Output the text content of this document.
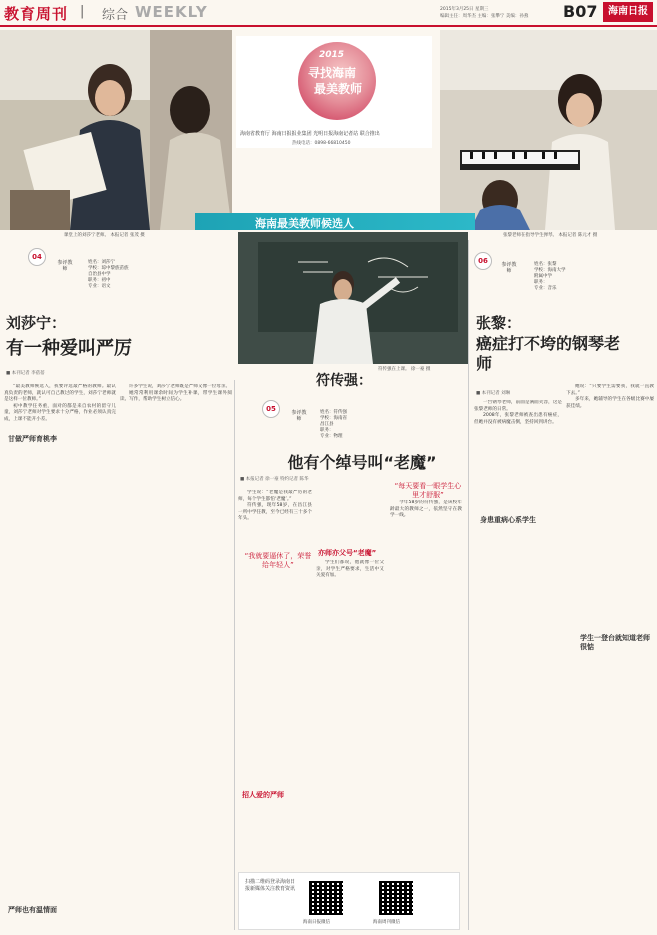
教育周刊 | 综合 WEEKLY	2015年3月25日 星期三
编辑主任：周华杰 主编：张攀宁 美编：孙燕 B07	海南日报
课堂上的刘莎宁老师。 本报记者 张茂 摄
2015
寻找海南
最美教师
海南省教育厅 海南日报报业集团 光明日报海南记者站 联合推出
热线电话：0898-66810450
张黎老师在指导学生弹琴。 本报记者 陈元才 摄
海南最美教师候选人
符传强在上课。 徐一豪 摄
04
参评教师
姓名：刘莎宁
学校：琼中黎族苗族
自治县中学
职务：初中
专业：语文
刘莎宁：
有一种爱叫严厉
■ 本刊记者 李蓓蓓

“最美教师候选人，我要评选最严格的教师。最认真负责的老师，就认可自己教过的学生，刘莎宁老师就是这样一位教师。”

初中教学任务重，面对的都是来自农村的留守儿童，刘莎宁老师对学生要求十分严格，作业必须认真完成，上课不能开小差。

甘做严师育桃李
严师也有温情面

许多学生说，刘莎宁老师既是严师又像一位母亲。

她常常利用课余时间为学生补课，带学生课外阅读、写作，帮助学生树立信心。

05	参评教师
姓名：符传强
学校：海南省
昌江县
职务：
专业：物理
符传强：
他有个绰号叫“老魔”
■ 本报记者 徐一豪 特约记者 陈华

学生说：“老魔是我最严厉的老师，每个学生都怕‘老魔’。”

符传强，现年58岁，在昌江县一所中学任教，至今已经有三十多个年头。

“我就要逼休了，荣誉给年轻人”
亦师亦父号“老魔”
招人爱的严师

学生们都说，他就像一位父亲，对学生严格要求，生活中又关爱有加。

“每天要看一眼学生心里才舒服”

今年58岁的符传强，是该校年龄最大的教师之一，依然坚守在教学一线。

扫描二维码登录海南日报新媒体关注教育资讯
海南日报微信	海南周刊微信
06	参评教师
姓名：张黎
学校：海南大学
附属中学
职务：
专业：音乐
张黎：
癌症打不垮的钢琴老师
■ 本刊记者 刘琳

一台钢琴老师，前面是满面笑容，这是张黎老师的日常。

2008年，张黎老师被查出患有癌症，但她并没有被病魔击倒，坚持回到讲台。

身患重病心系学生

她说：“只要学生需要我，我就一直教下去。”

多年来，她辅导的学生在各级比赛中屡获佳绩。

学生一登台就知道老师很惦
